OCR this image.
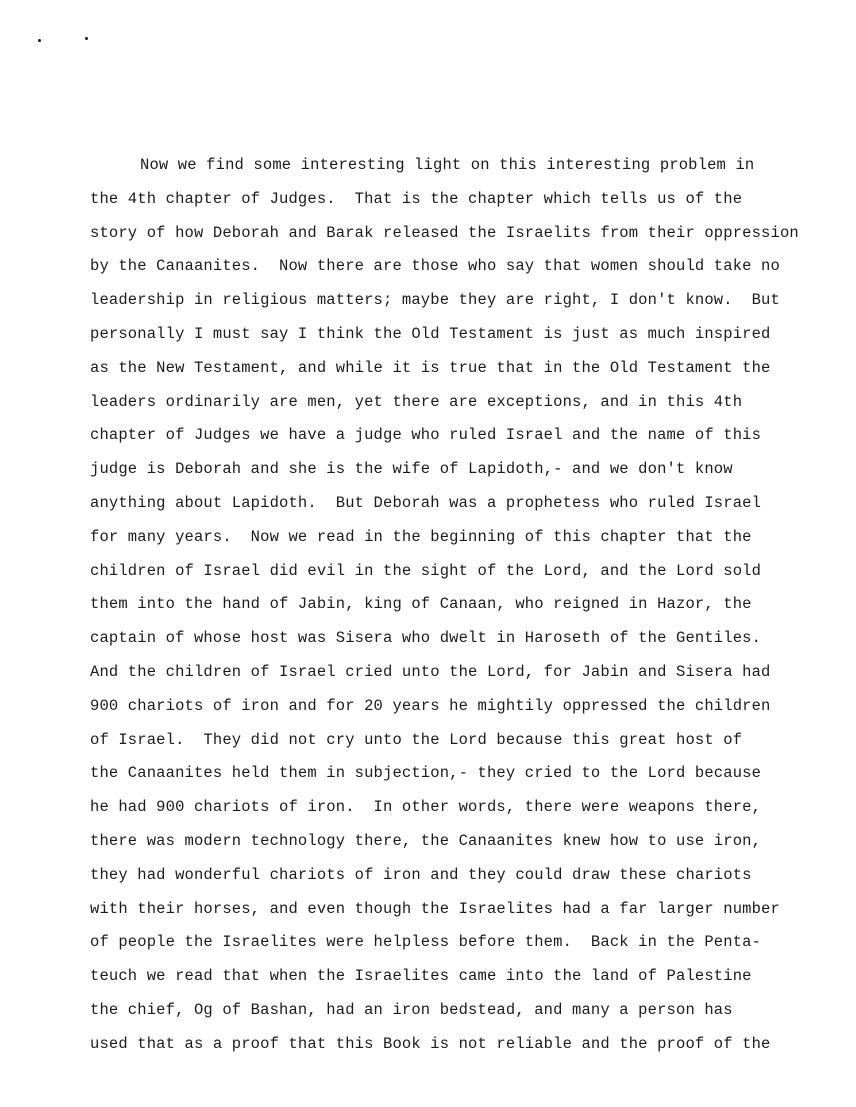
Now we find some interesting light on this interesting problem in
the 4th chapter of Judges.  That is the chapter which tells us of the
story of how Deborah and Barak released the Israelits from their oppression
by the Canaanites.  Now there are those who say that women should take no
leadership in religious matters; maybe they are right, I don't know.  But
personally I must say I think the Old Testament is just as much inspired
as the New Testament, and while it is true that in the Old Testament the
leaders ordinarily are men, yet there are exceptions, and in this 4th
chapter of Judges we have a judge who ruled Israel and the name of this
judge is Deborah and she is the wife of Lapidoth,- and we don't know
anything about Lapidoth.  But Deborah was a prophetess who ruled Israel
for many years.  Now we read in the beginning of this chapter that the
children of Israel did evil in the sight of the Lord, and the Lord sold
them into the hand of Jabin, king of Canaan, who reigned in Hazor, the
captain of whose host was Sisera who dwelt in Haroseth of the Gentiles.
And the children of Israel cried unto the Lord, for Jabin and Sisera had
900 chariots of iron and for 20 years he mightily oppressed the children
of Israel.  They did not cry unto the Lord because this great host of
the Canaanites held them in subjection,- they cried to the Lord because
he had 900 chariots of iron.  In other words, there were weapons there,
there was modern technology there, the Canaanites knew how to use iron,
they had wonderful chariots of iron and they could draw these chariots
with their horses, and even though the Israelites had a far larger number
of people the Israelites were helpless before them.  Back in the Penta-
teuch we read that when the Israelites came into the land of Palestine
the chief, Og of Bashan, had an iron bedstead, and many a person has
used that as a proof that this Book is not reliable and the proof of the
